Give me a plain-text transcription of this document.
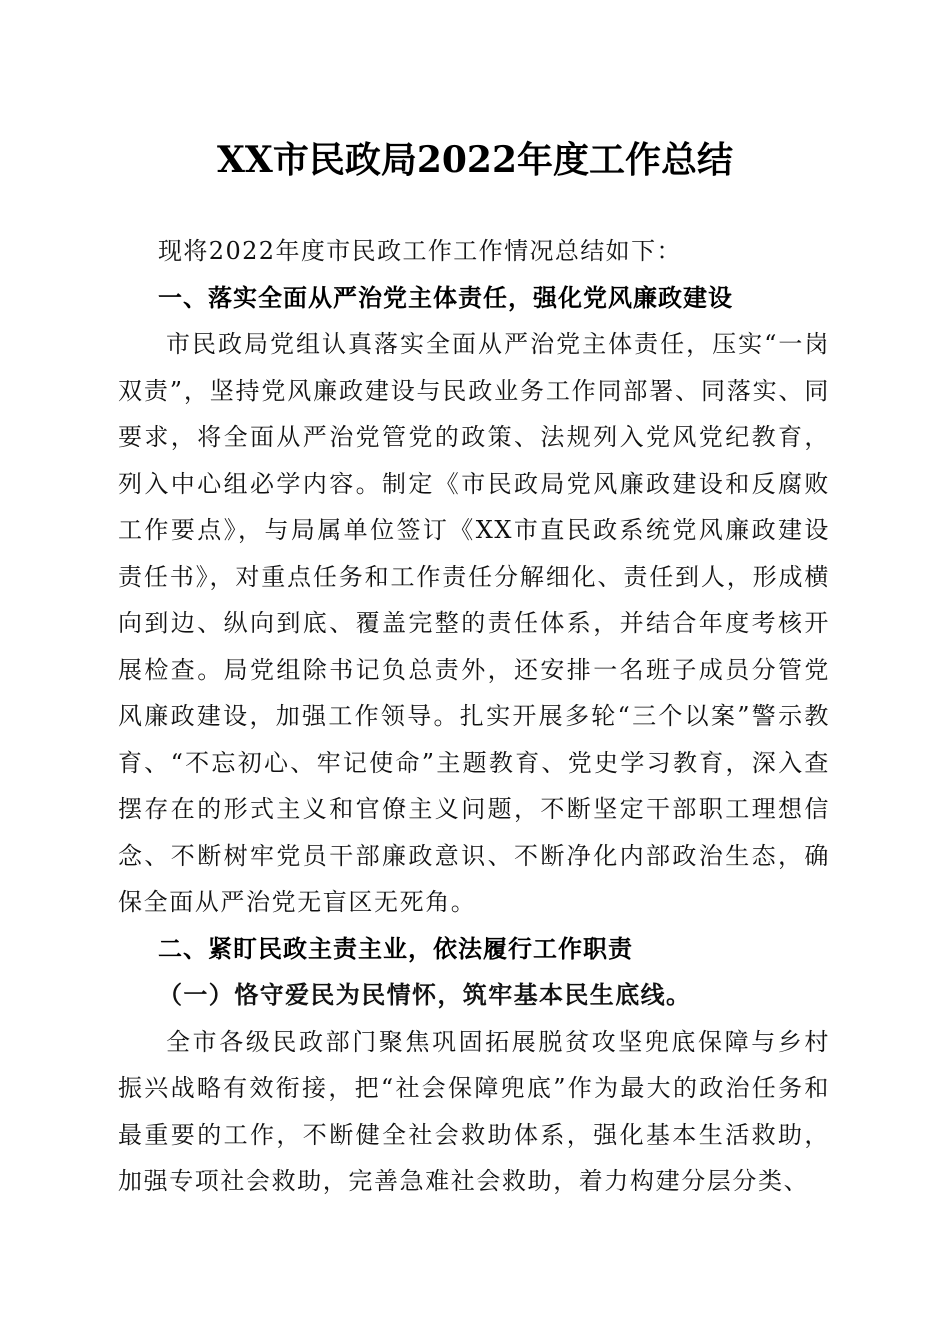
XX市民政局2022年度工作总结

现将2022年度市民政工作工作情况总结如下：

一、落实全面从严治党主体责任，强化党风廉政建设

市民政局党组认真落实全面从严治党主体责任，压实“一岗双责”，坚持党风廉政建设与民政业务工作同部署、同落实、同要求，将全面从严治党管党的政策、法规列入党风党纪教育，列入中心组必学内容。制定《市民政局党风廉政建设和反腐败工作要点》，与局属单位签订《XX市直民政系统党风廉政建设责任书》，对重点任务和工作责任分解细化、责任到人，形成横向到边、纵向到底、覆盖完整的责任体系，并结合年度考核开展检查。局党组除书记负总责外，还安排一名班子成员分管党风廉政建设，加强工作领导。扎实开展多轮“三个以案”警示教育、“不忘初心、牢记使命”主题教育、党史学习教育，深入查摆存在的形式主义和官僚主义问题，不断坚定干部职工理想信念、不断树牢党员干部廉政意识、不断净化内部政治生态，确保全面从严治党无盲区无死角。

二、紧盯民政主责主业，依法履行工作职责

（一）恪守爱民为民情怀，筑牢基本民生底线。

全市各级民政部门聚焦巩固拓展脱贫攻坚兜底保障与乡村振兴战略有效衔接，把“社会保障兜底”作为最大的政治任务和最重要的工作，不断健全社会救助体系，强化基本生活救助，加强专项社会救助，完善急难社会救助，着力构建分层分类、
